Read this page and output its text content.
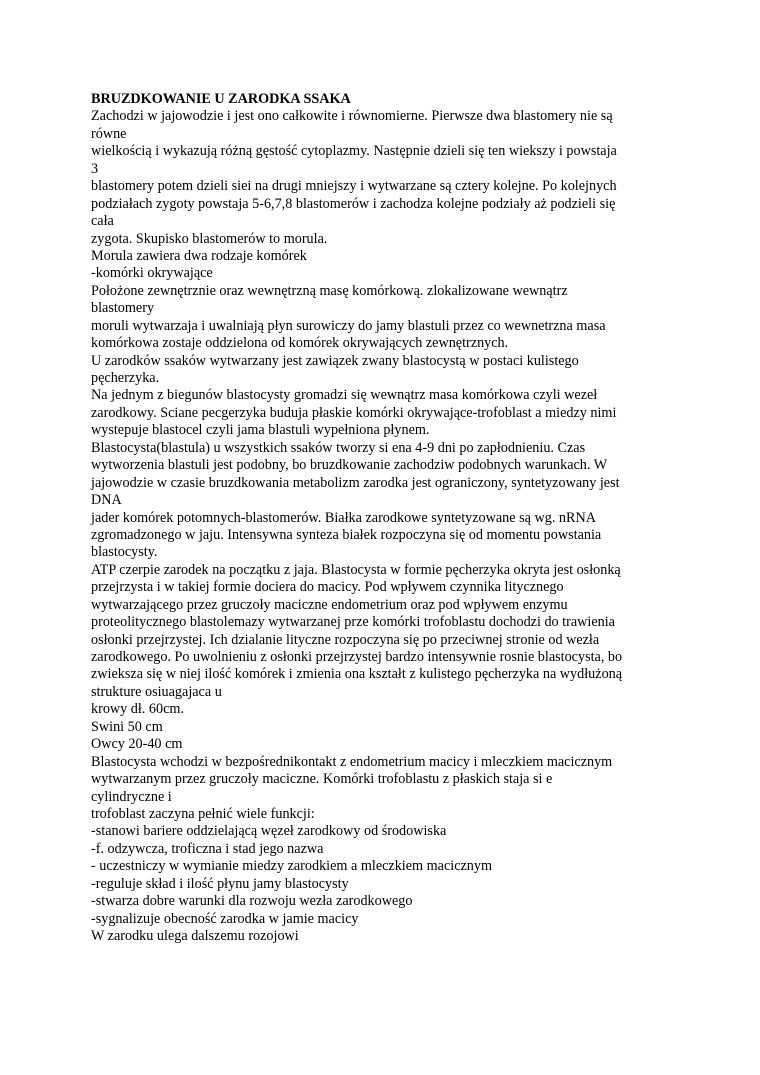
BRUZDKOWANIE U ZARODKA SSAKA
Zachodzi w jajowodzie i jest ono całkowite i równomierne. Pierwsze dwa blastomery nie są
równe
wielkością i wykazują różną gęstość cytoplazmy. Następnie dzieli się ten wiekszy i powstaja
3
blastomery potem dzieli siei na drugi mniejszy i wytwarzane są cztery kolejne. Po kolejnych
podziałach zygoty powstaja 5-6,7,8 blastomerów i zachodza kolejne podziały aż podzieli się
cała
zygota. Skupisko blastomerów to morula.
Morula zawiera dwa rodzaje komórek
-komórki okrywające
Położone zewnętrznie oraz wewnętrzną masę komórkową. zlokalizowane wewnątrz
blastomery
moruli wytwarzaja i uwalniają płyn surowiczy do jamy blastuli przez co wewnetrzna masa
komórkowa zostaje oddzielona od komórek okrywających zewnętrznych.
U zarodków ssaków wytwarzany jest zawiązek zwany blastocystą w postaci kulistego
pęcherzyka.
Na jednym z biegunów blastocysty gromadzi się wewnątrz masa komórkowa czyli wezeł
zarodkowy. Sciane pecgerzyka buduja płaskie komórki okrywające-trofoblast a miedzy nimi
wystepuje blastocel czyli jama blastuli wypełniona płynem.
Blastocysta(blastula) u wszystkich ssaków tworzy si ena 4-9 dni po zapłodnieniu. Czas
wytworzenia blastuli jest podobny, bo bruzdkowanie zachodziw podobnych warunkach. W
jajowodzie w czasie bruzdkowania metabolizm zarodka jest ograniczony, syntetyzowany jest
DNA
jader komórek potomnych-blastomerów. Białka zarodkowe syntetyzowane są wg. nRNA
zgromadzonego w jaju. Intensywna synteza białek rozpoczyna się od momentu powstania
blastocysty.
ATP czerpie zarodek na początku z jaja. Blastocysta w formie pęcherzyka okryta jest osłonką
przejrzysta i w takiej formie dociera do macicy. Pod wpływem czynnika litycznego
wytwarzającego przez gruczoły maciczne endometrium oraz pod wpływem enzymu
proteolitycznego blastolemazy wytwarzanej prze komórki trofoblastu dochodzi do trawienia
osłonki przejrzystej. Ich dzialanie lityczne rozpoczyna się po przeciwnej stronie od wezła
zarodkowego. Po uwolnieniu z osłonki przejrzystej bardzo intensywnie rosnie blastocysta, bo
zwieksza się w niej ilość komórek i zmienia ona kształt z kulistego pęcherzyka na wydłużoną
strukture osiuagajaca u
krowy dł. 60cm.
Swini 50 cm
Owcy 20-40 cm
Blastocysta wchodzi w bezpośrednikontakt z endometrium macicy i mleczkiem macicznym
wytwarzanym przez gruczoły maciczne. Komórki trofoblastu z płaskich staja si e
cylindryczne i
trofoblast zaczyna pełnić wiele funkcji:
-stanowi bariere oddzielającą węzeł zarodkowy od środowiska
-f. odzywcza, troficzna i stad jego nazwa
- uczestniczy w wymianie miedzy zarodkiem a mleczkiem macicznym
-reguluje skład i ilość płynu jamy blastocysty
-stwarza dobre warunki dla rozwoju wezła zarodkowego
-sygnalizuje obecność zarodka w jamie macicy
W zarodku ulega dalszemu rozojowi
